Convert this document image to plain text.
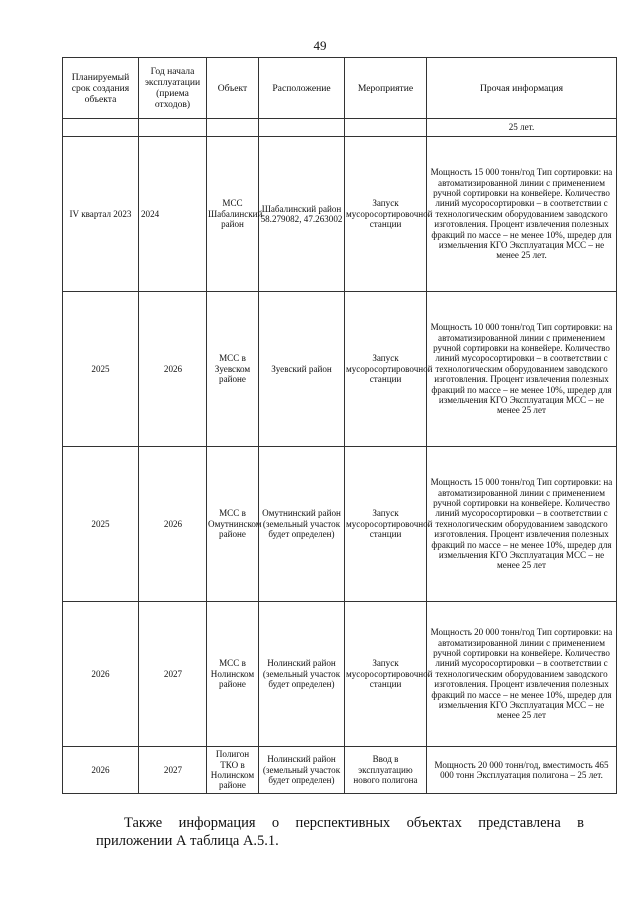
49
Планируемый срок создания объекта	Год начала эксплуатации (приема отходов)	Объект	Расположение	Мероприятие	Прочая информация
					25 лет.
IV квартал 2023	2024	МСС Шабалинский район	Шабалинский район 58.279082, 47.263002	Запуск мусоросортировочной станции	Мощность 15 000 тонн/год Тип сортировки: на автоматизированной линии с применением ручной сортировки на конвейере. Количество линий мусоросортировки – в соответствии с технологическим оборудованием заводского изготовления. Процент извлечения полезных фракций по массе – не менее 10%, шредер для измельчения КГО Эксплуатация МСС – не менее 25 лет.
2025	2026	МСС в Зуевском районе	Зуевский район	Запуск мусоросортировочной станции	Мощность 10 000 тонн/год Тип сортировки: на автоматизированной линии с применением ручной сортировки на конвейере. Количество линий мусоросортировки – в соответствии с технологическим оборудованием заводского изготовления. Процент извлечения полезных фракций по массе – не менее 10%, шредер для измельчения КГО Эксплуатация МСС – не менее 25 лет
2025	2026	МСС в Омутнинском районе	Омутнинский район (земельный участок будет определен)	Запуск мусоросортировочной станции	Мощность 15 000 тонн/год Тип сортировки: на автоматизированной линии с применением ручной сортировки на конвейере. Количество линий мусоросортировки – в соответствии с технологическим оборудованием заводского изготовления. Процент извлечения полезных фракций по массе – не менее 10%, шредер для измельчения КГО Эксплуатация МСС – не менее 25 лет
2026	2027	МСС в Нолинском районе	Нолинский район (земельный участок будет определен)	Запуск мусоросортировочной станции	Мощность 20 000 тонн/год Тип сортировки: на автоматизированной линии с применением ручной сортировки на конвейере. Количество линий мусоросортировки – в соответствии с технологическим оборудованием заводского изготовления. Процент извлечения полезных фракций по массе – не менее 10%, шредер для измельчения КГО Эксплуатация МСС – не менее 25 лет
2026	2027	Полигон ТКО в Нолинском районе	Нолинский район (земельный участок будет определен)	Ввод в эксплуатацию нового полигона	Мощность 20 000 тонн/год, вместимость 465 000 тонн Эксплуатация полигона – 25 лет.

Также информация о перспективных объектах представлена в приложении А таблица А.5.1.
